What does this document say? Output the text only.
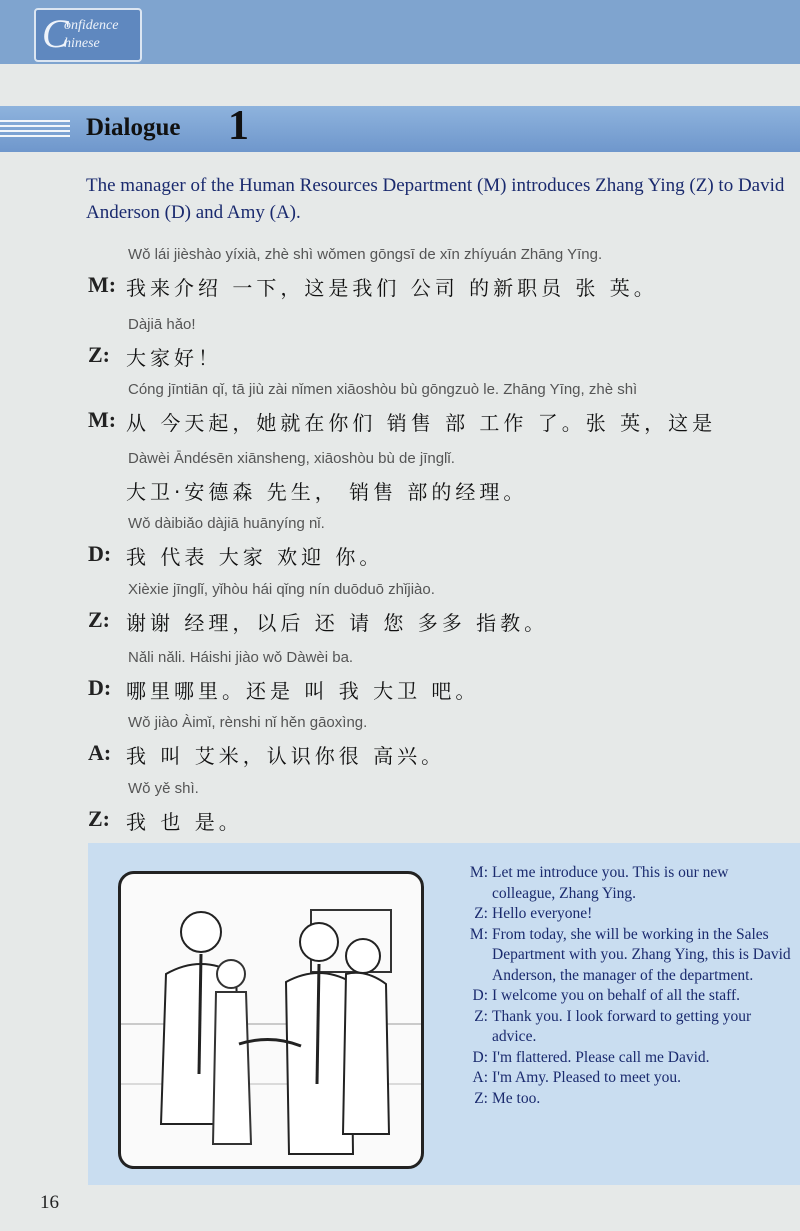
C
onfidence
hinese
Dialogue 1
The manager of the Human Resources Department (M) introduces Zhang Ying (Z) to David Anderson (D) and Amy (A).
Wǒ lái jièshào yíxià, zhè shì wǒmen gōngsī de xīn zhíyuán Zhāng Yīng.
M: 我来介绍 一下，这是我们 公司 的新职员 张 英。
Dàjiā hǎo!
Z: 大家好！
Cóng jīntiān qǐ, tā jiù zài nǐmen xiāoshòu bù gōngzuò le. Zhāng Yīng, zhè shì
M: 从 今天起，她就在你们 销售 部 工作 了。张 英，这是
Dàwèi Āndésēn xiānsheng, xiāoshòu bù de jīnglǐ.
大卫·安德森 先生， 销售 部的经理。
Wǒ dàibiǎo dàjiā huānyíng nǐ.
D: 我 代表 大家 欢迎 你。
Xièxie jīnglǐ, yǐhòu hái qǐng nín duōduō zhǐjiào.
Z: 谢谢 经理，以后 还 请 您 多多 指教。
Nǎli nǎli. Háishi jiào wǒ Dàwèi ba.
D: 哪里哪里。还是 叫 我 大卫 吧。
Wǒ jiào Àimǐ, rènshi nǐ hěn gāoxìng.
A: 我 叫 艾米，认识你很 高兴。
Wǒ yě shì.
Z: 我 也 是。
M: Let me introduce you. This is our new colleague, Zhang Ying.
Z: Hello everyone!
M: From today, she will be working in the Sales Department with you. Zhang Ying, this is David Anderson, the manager of the department.
D: I welcome you on behalf of all the staff.
Z: Thank you. I look forward to getting your advice.
D: I'm flattered. Please call me David.
A: I'm Amy. Pleased to meet you.
Z: Me too.
16
